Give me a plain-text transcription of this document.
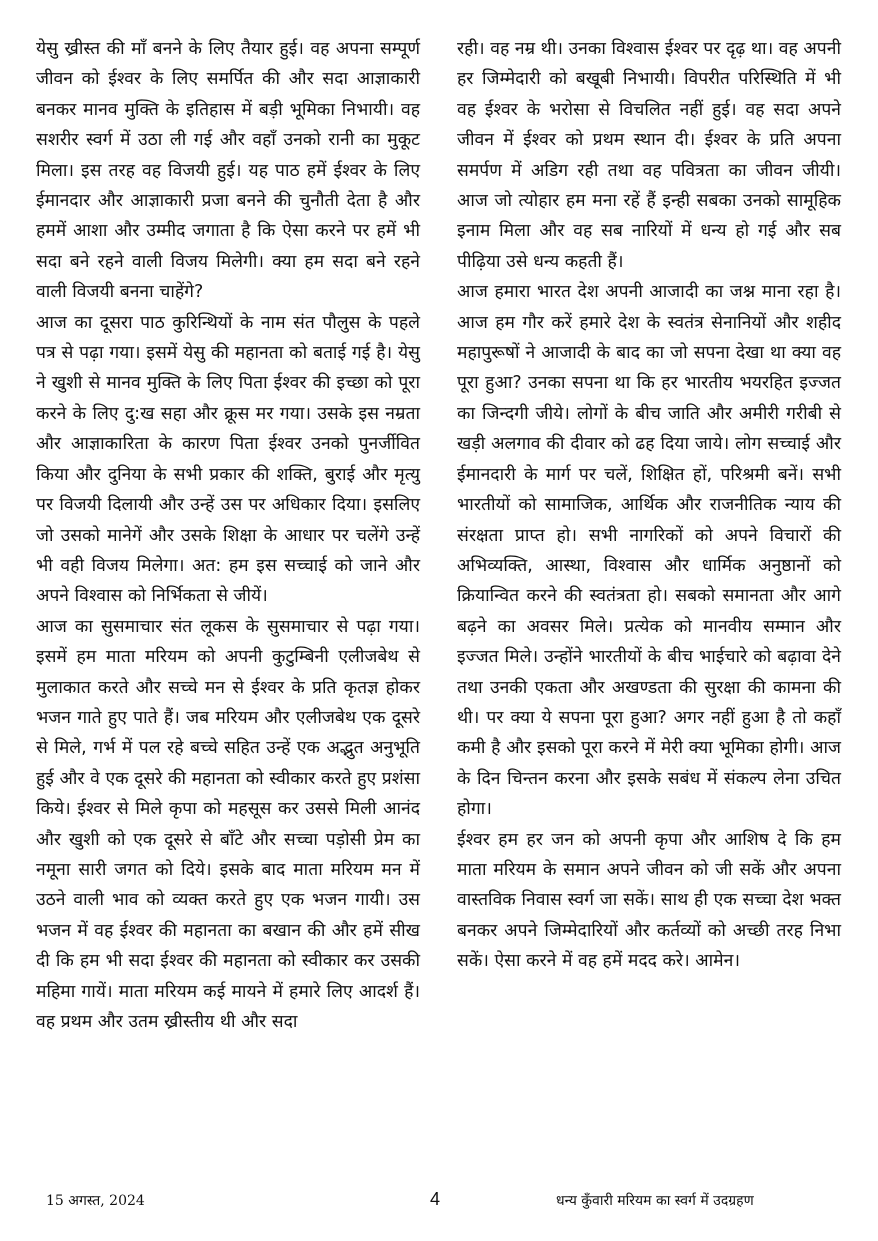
येसु ख्रीस्त की माँ बनने के लिए तैयार हुई। वह अपना सम्पूर्ण जीवन को ईश्वर के लिए समर्पित की और सदा आज्ञाकारी बनकर मानव मुक्ति के इतिहास में बड़ी भूमिका निभायी। वह सशरीर स्वर्ग में उठा ली गई और वहाँ उनको रानी का मुकूट मिला। इस तरह वह विजयी हुई। यह पाठ हमें ईश्वर के लिए ईमानदार और आज्ञाकारी प्रजा बनने की चुनौती देता है और हममें आशा और उम्मीद जगाता है कि ऐसा करने पर हमें भी सदा बने रहने वाली विजय मिलेगी। क्या हम सदा बने रहने वाली विजयी बनना चाहेंगे?

आज का दूसरा पाठ कुरिन्थियों के नाम संत पौलुस के पहले पत्र से पढ़ा गया। इसमें येसु की महानता को बताई गई है। येसु ने खुशी से मानव मुक्ति के लिए पिता ईश्वर की इच्छा को पूरा करने के लिए दु:ख सहा और क्रूस मर गया। उसके इस नम्रता और आज्ञाकारिता के कारण पिता ईश्वर उनको पुनर्जीवित किया और दुनिया के सभी प्रकार की शक्ति, बुराई और मृत्यु पर विजयी दिलायी और उन्हें उस पर अधिकार दिया। इसलिए जो उसको मानेगें और उसके शिक्षा के आधार पर चलेंगे उन्हें भी वही विजय मिलेगा। अत: हम इस सच्चाई को जाने और अपने विश्वास को निर्भिकता से जीयें।

आज का सुसमाचार संत लूकस के सुसमाचार से पढ़ा गया। इसमें हम माता मरियम को अपनी कुटुम्बिनी एलीजबेथ से मुलाकात करते और सच्चे मन से ईश्वर के प्रति कृतज्ञ होकर भजन गाते हुए पाते हैं। जब मरियम और एलीजबेथ एक दूसरे से मिले, गर्भ में पल रहे बच्चे सहित उन्हें एक अद्भुत अनुभूति हुई और वे एक दूसरे की महानता को स्वीकार करते हुए प्रशंसा किये। ईश्वर से मिले कृपा को महसूस कर उससे मिली आनंद और खुशी को एक दूसरे से बाँटे और सच्चा पड़ोसी प्रेम का नमूना सारी जगत को दिये। इसके बाद माता मरियम मन में उठने वाली भाव को व्यक्त करते हुए एक भजन गायी। उस भजन में वह ईश्वर की महानता का बखान की और हमें सीख दी कि हम भी सदा ईश्वर की महानता को स्वीकार कर उसकी महिमा गायें। माता मरियम कई मायने में हमारे लिए आदर्श हैं। वह प्रथम और उतम ख्रीस्तीय थी और सदा

रही। वह नम्र थी। उनका विश्वास ईश्वर पर दृढ़ था। वह अपनी हर जिम्मेदारी को बखूबी निभायी। विपरीत परिस्थिति में भी वह ईश्वर के भरोसा से विचलित नहीं हुई। वह सदा अपने जीवन में ईश्वर को प्रथम स्थान दी। ईश्वर के प्रति अपना समर्पण में अडिग रही तथा वह पवित्रता का जीवन जीयी। आज जो त्योहार हम मना रहें हैं इन्ही सबका उनको सामूहिक इनाम मिला और वह सब नारियों में धन्य हो गई और सब पीढ़िया उसे धन्य कहती हैं।

आज हमारा भारत देश अपनी आजादी का जश्न माना रहा है। आज हम गौर करें हमारे देश के स्वतंत्र सेनानियों और शहीद महापुरूषों ने आजादी के बाद का जो सपना देखा था क्या वह पूरा हुआ? उनका सपना था कि हर भारतीय भयरहित इज्जत का जिन्दगी जीये। लोगों के बीच जाति और अमीरी गरीबी से खड़ी अलगाव की दीवार को ढह दिया जाये। लोग सच्चाई और ईमानदारी के मार्ग पर चलें, शिक्षित हों, परिश्रमी बनें। सभी भारतीयों को सामाजिक, आर्थिक और राजनीतिक न्याय की संरक्षता प्राप्त हो। सभी नागरिकों को अपने विचारों की अभिव्यक्ति, आस्था, विश्वास और धार्मिक अनुष्ठानों को क्रियान्वित करने की स्वतंत्रता हो। सबको समानता और आगे बढ़ने का अवसर मिले। प्रत्येक को मानवीय सम्मान और इज्जत मिले। उन्होंने भारतीयों के बीच भाईचारे को बढ़ावा देने तथा उनकी एकता और अखण्डता की सुरक्षा की कामना की थी। पर क्या ये सपना पूरा हुआ? अगर नहीं हुआ है तो कहाँ कमी है और इसको पूरा करने में मेरी क्या भूमिका होगी। आज के दिन चिन्तन करना और इसके सबंध में संकल्प लेना उचित होगा।

ईश्वर हम हर जन को अपनी कृपा और आशिष दे कि हम माता मरियम के समान अपने जीवन को जी सकें और अपना वास्तविक निवास स्वर्ग जा सकें। साथ ही एक सच्चा देश भक्त बनकर अपने जिम्मेदारियों और कर्तव्यों को अच्छी तरह निभा सकें। ऐसा करने में वह हमें मदद करे। आमेन।

15 अगस्त, 2024	4	धन्य कुँवारी मरियम का स्वर्ग में उदग्रहण
